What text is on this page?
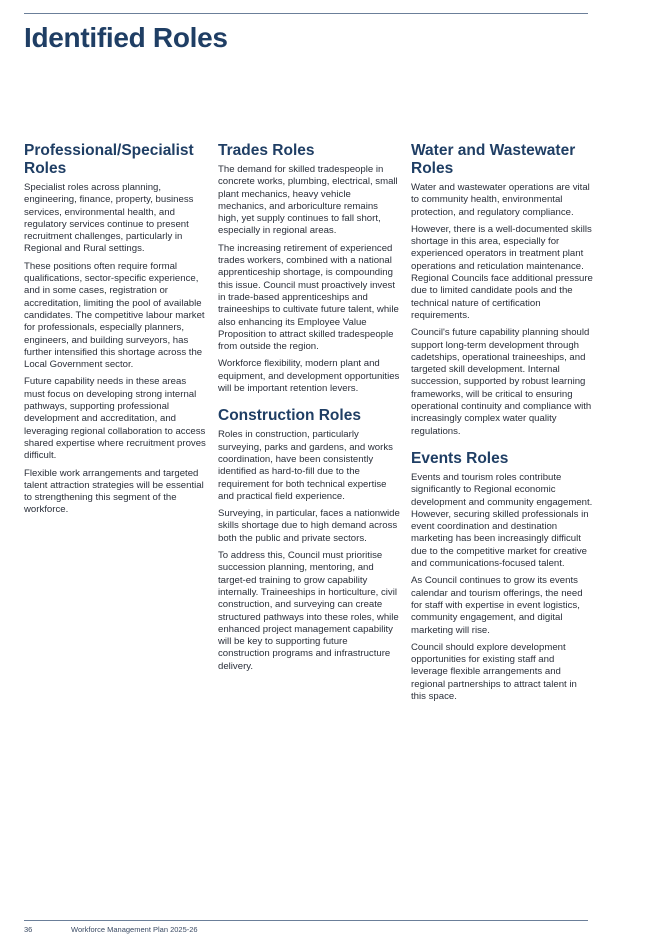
Identified Roles
Professional/Specialist Roles

Specialist roles across planning, engineering, finance, property, business services, environmental health, and regulatory services continue to present recruitment challenges, particularly in Regional and Rural settings.

These positions often require formal qualifications, sector-specific experience, and in some cases, registration or accreditation, limiting the pool of available candidates. The competitive labour market for professionals, especially planners, engineers, and building surveyors, has further intensified this shortage across the Local Government sector.

Future capability needs in these areas must focus on developing strong internal pathways, supporting professional development and accreditation, and leveraging regional collaboration to access shared expertise where recruitment proves difficult.

Flexible work arrangements and targeted talent attraction strategies will be essential to strengthening this segment of the workforce.

Trades Roles

The demand for skilled tradespeople in concrete works, plumbing, electrical, small plant mechanics, heavy vehicle mechanics, and arboriculture remains high, yet supply continues to fall short, especially in regional areas.

The increasing retirement of experienced trades workers, combined with a national apprenticeship shortage, is compounding this issue. Council must proactively invest in trade-based apprenticeships and traineeships to cultivate future talent, while also enhancing its Employee Value Proposition to attract skilled tradespeople from outside the region.

Workforce flexibility, modern plant and equipment, and development opportunities will be important retention levers.

Construction Roles

Roles in construction, particularly surveying, parks and gardens, and works coordination, have been consistently identified as hard-to-fill due to the requirement for both technical expertise and practical field experience.

Surveying, in particular, faces a nationwide skills shortage due to high demand across both the public and private sectors.

To address this, Council must prioritise succession planning, mentoring, and target-ed training to grow capability internally. Traineeships in horticulture, civil construction, and surveying can create structured pathways into these roles, while enhanced project management capability will be key to supporting future construction programs and infrastructure delivery.

Water and Wastewater Roles

Water and wastewater operations are vital to community health, environmental protection, and regulatory compliance.

However, there is a well-documented skills shortage in this area, especially for experienced operators in treatment plant operations and reticulation maintenance. Regional Councils face additional pressure due to limited candidate pools and the technical nature of certification requirements.

Council's future capability planning should support long-term development through cadetships, operational traineeships, and targeted skill development. Internal succession, supported by robust learning frameworks, will be critical to ensuring operational continuity and compliance with increasingly complex water quality regulations.

Events Roles

Events and tourism roles contribute significantly to Regional economic development and community engagement. However, securing skilled professionals in event coordination and destination marketing has been increasingly difficult due to the competitive market for creative and communications-focused talent.

As Council continues to grow its events calendar and tourism offerings, the need for staff with expertise in event logistics, community engagement, and digital marketing will rise.

Council should explore development opportunities for existing staff and leverage flexible arrangements and regional partnerships to attract talent in this space.

36	Workforce Management Plan 2025-26
